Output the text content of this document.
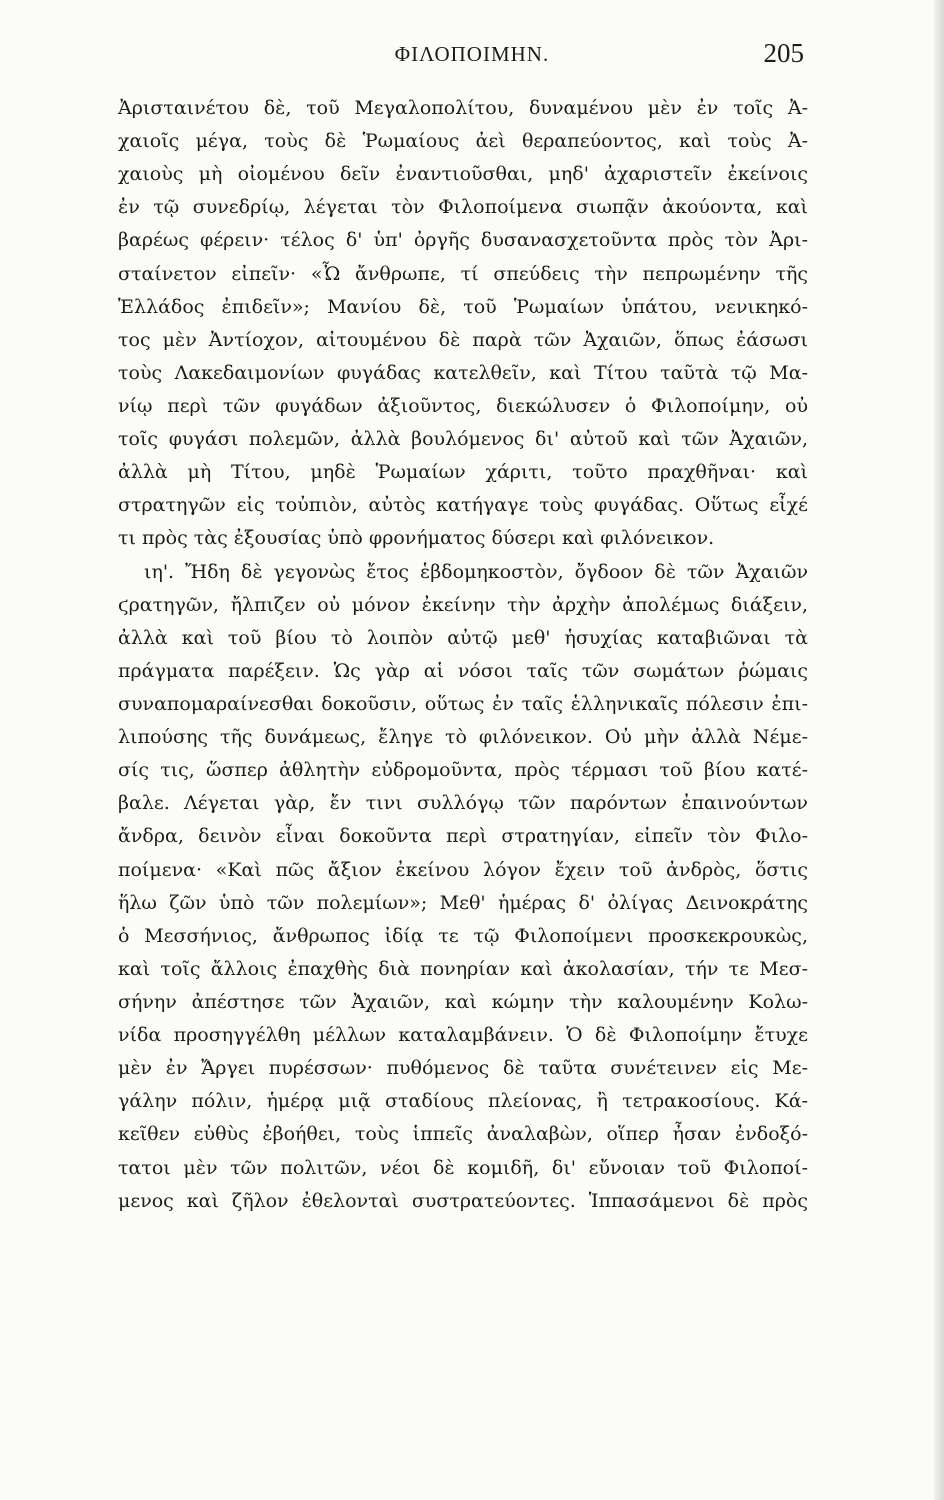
ΦΙΛΟΠΟΙΜΗΝ.	205
Ἀρισταινέτου δὲ, τοῦ Μεγαλοπολίτου, δυναμένου μὲν ἐν τοῖς Ἀ-
χαιοῖς μέγα, τοὺς δὲ Ῥωμαίους ἀεὶ θεραπεύοντος, καὶ τοὺς Ἀ-
χαιοὺς μὴ οἰομένου δεῖν ἐναντιοῦσθαι, μηδ' ἀχαριστεῖν ἐκείνοις
ἐν τῷ συνεδρίῳ, λέγεται τὸν Φιλοποίμενα σιωπᾷν ἀκούοντα, καὶ
βαρέως φέρειν· τέλος δ' ὑπ' ὀργῆς δυσανασχετοῦντα πρὸς τὸν Ἀρι-
σταίνετον εἰπεῖν· «Ὦ ἄνθρωπε, τί σπεύδεις τὴν πεπρωμένην τῆς
Ἑλλάδος ἐπιδεῖν»; Μανίου δὲ, τοῦ Ῥωμαίων ὑπάτου, νενικηκό-
τος μὲν Ἀντίοχον, αἰτουμένου δὲ παρὰ τῶν Ἀχαιῶν, ὅπως ἐάσωσι
τοὺς Λακεδαιμονίων φυγάδας κατελθεῖν, καὶ Τίτου ταῦτὰ τῷ Μα-
νίῳ περὶ τῶν φυγάδων ἀξιοῦντος, διεκώλυσεν ὁ Φιλοποίμην, οὐ
τοῖς φυγάσι πολεμῶν, ἀλλὰ βουλόμενος δι' αὐτοῦ καὶ τῶν Ἀχαιῶν,
ἀλλὰ μὴ Τίτου, μηδὲ Ῥωμαίων χάριτι, τοῦτο πραχθῆναι· καὶ
στρατηγῶν εἰς τοὐπιὸν, αὐτὸς κατήγαγε τοὺς φυγάδας. Οὕτως εἶχέ
τι πρὸς τὰς ἐξουσίας ὑπὸ φρονήματος δύσερι καὶ φιλόνεικον.
ιη'. Ἤδη δὲ γεγονὼς ἔτος ἑβδομηκοστὸν, ὄγδοον δὲ τῶν Ἀχαιῶν
ϛρατηγῶν, ἤλπιζεν οὐ μόνον ἐκείνην τὴν ἀρχὴν ἀπολέμως διάξειν,
ἀλλὰ καὶ τοῦ βίου τὸ λοιπὸν αὐτῷ μεθ' ἡσυχίας καταβιῶναι τὰ
πράγματα παρέξειν. Ὡς γὰρ αἱ νόσοι ταῖς τῶν σωμάτων ῥώμαις
συναπομαραίνεσθαι δοκοῦσιν, οὕτως ἐν ταῖς ἑλληνικαῖς πόλεσιν ἐπι-
λιπούσης τῆς δυνάμεως, ἔληγε τὸ φιλόνεικον. Οὐ μὴν ἀλλὰ Νέμε-
σίς τις, ὥσπερ ἀθλητὴν εὐδρομοῦντα, πρὸς τέρμασι τοῦ βίου κατέ-
βαλε. Λέγεται γὰρ, ἔν τινι συλλόγῳ τῶν παρόντων ἐπαινούντων
ἄνδρα, δεινὸν εἶναι δοκοῦντα περὶ στρατηγίαν, εἰπεῖν τὸν Φιλο-
ποίμενα· «Καὶ πῶς ἄξιον ἐκείνου λόγον ἔχειν τοῦ ἀνδρὸς, ὅστις
ἥλω ζῶν ὑπὸ τῶν πολεμίων»; Μεθ' ἡμέρας δ' ὀλίγας Δεινοκράτης
ὁ Μεσσήνιος, ἄνθρωπος ἰδίᾳ τε τῷ Φιλοποίμενι προσκεκρουκὼς,
καὶ τοῖς ἄλλοις ἐπαχθὴς διὰ πονηρίαν καὶ ἀκολασίαν, τήν τε Μεσ-
σήνην ἀπέστησε τῶν Ἀχαιῶν, καὶ κώμην τὴν καλουμένην Κολω-
νίδα προσηγγέλθη μέλλων καταλαμβάνειν. Ὁ δὲ Φιλοποίμην ἔτυχε
μὲν ἐν Ἄργει πυρέσσων· πυθόμενος δὲ ταῦτα συνέτεινεν εἰς Με-
γάλην πόλιν, ἡμέρᾳ μιᾷ σταδίους πλείονας, ἢ τετρακοσίους. Κά-
κεῖθεν εὐθὺς ἐβοήθει, τοὺς ἱππεῖς ἀναλαβὼν, οἵπερ ἦσαν ἐνδοξό-
τατοι μὲν τῶν πολιτῶν, νέοι δὲ κομιδῆ, δι' εὔνοιαν τοῦ Φιλοποί-
μενος καὶ ζῆλον ἐθελονταὶ συστρατεύοντες. Ἱππασάμενοι δὲ πρὸς
